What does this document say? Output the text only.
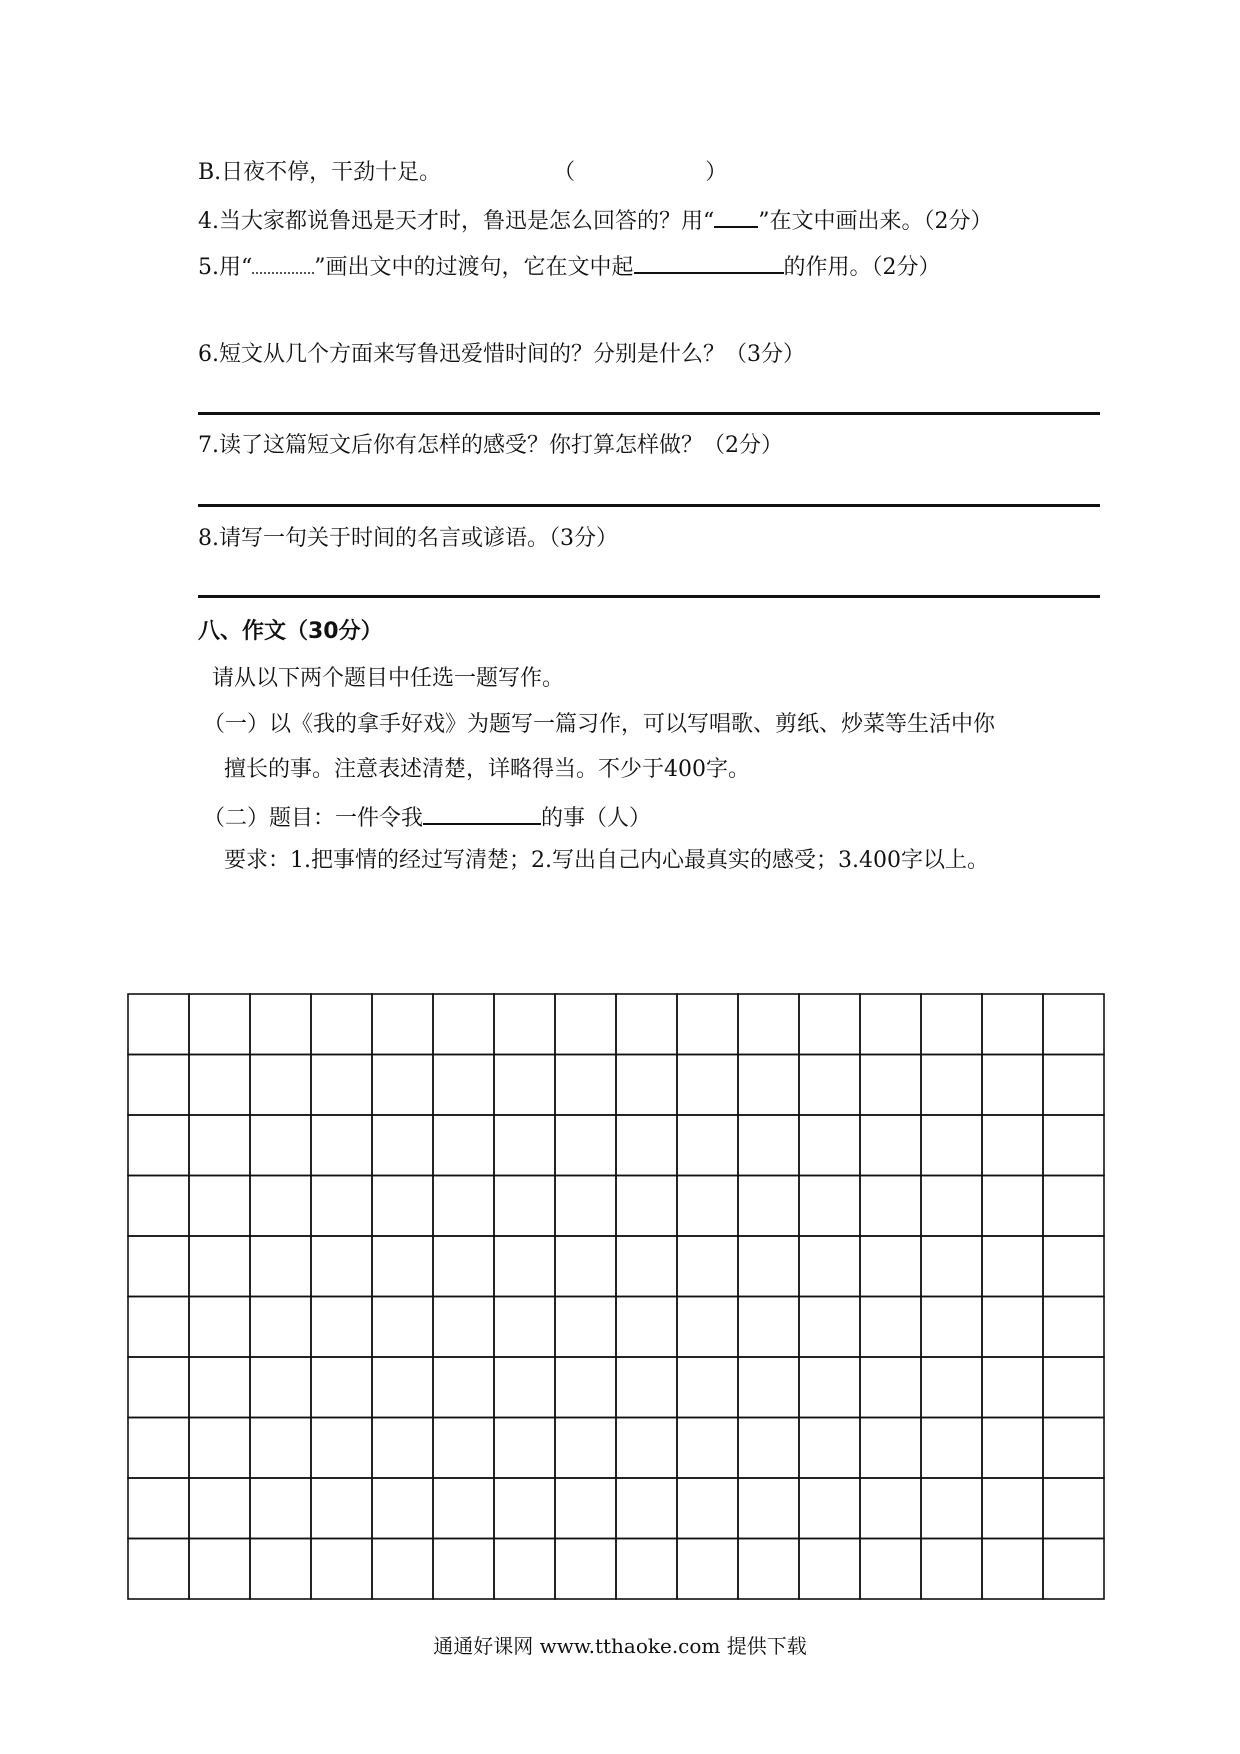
B.日夜不停，干劲十足。	（	）
4.当大家都说鲁迅是天才时，鲁迅是怎么回答的？用“ ”在文中画出来。（2分）
5.用“	”画出文中的过渡句，它在文中起	的作用。（2分）
6.短文从几个方面来写鲁迅爱惜时间的？分别是什么？（3分）
7.读了这篇短文后你有怎样的感受？你打算怎样做？（2分）
8.请写一句关于时间的名言或谚语。（3分）
八、作文（30分）
请从以下两个题目中任选一题写作。
（一）以《我的拿手好戏》为题写一篇习作，可以写唱歌、剪纸、炒菜等生活中你
擅长的事。注意表述清楚，详略得当。不少于400字。
（二）题目：一件令我	的事（人）
要求：1.把事情的经过写清楚；2.写出自己内心最真实的感受；3.400字以上。
通通好课网 www.tthaoke.com 提供下载
